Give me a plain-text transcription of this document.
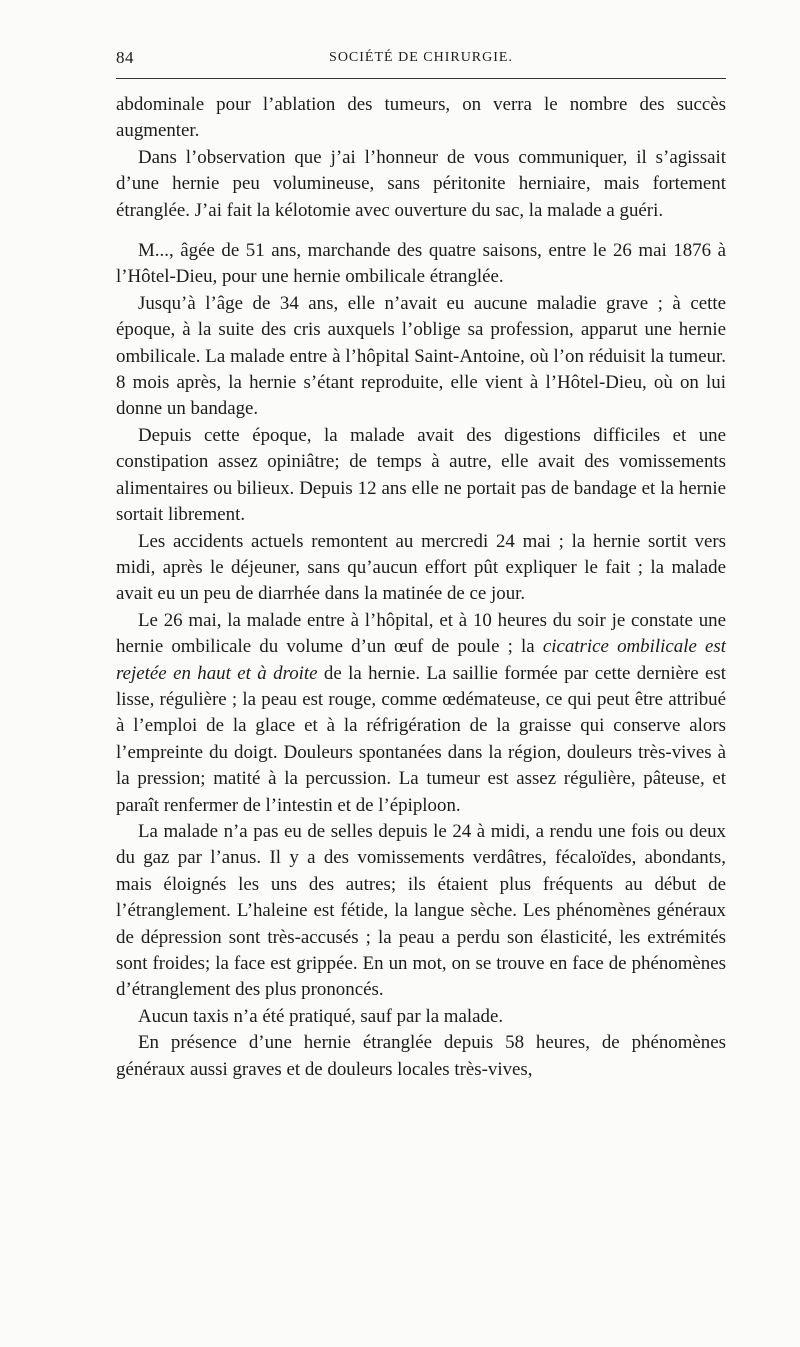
84	SOCIÉTÉ DE CHIRURGIE.

abdominale pour l’ablation des tumeurs, on verra le nombre des succès augmenter.

Dans l’observation que j’ai l’honneur de vous communiquer, il s’agissait d’une hernie peu volumineuse, sans péritonite herniaire, mais fortement étranglée. J’ai fait la kélotomie avec ouverture du sac, la malade a guéri.

M..., âgée de 51 ans, marchande des quatre saisons, entre le 26 mai 1876 à l’Hôtel-Dieu, pour une hernie ombilicale étranglée.

Jusqu’à l’âge de 34 ans, elle n’avait eu aucune maladie grave ; à cette époque, à la suite des cris auxquels l’oblige sa profession, apparut une hernie ombilicale. La malade entre à l’hôpital Saint-Antoine, où l’on réduisit la tumeur. 8 mois après, la hernie s’étant reproduite, elle vient à l’Hôtel-Dieu, où on lui donne un bandage.

Depuis cette époque, la malade avait des digestions difficiles et une constipation assez opiniâtre; de temps à autre, elle avait des vomissements alimentaires ou bilieux. Depuis 12 ans elle ne portait pas de bandage et la hernie sortait librement.

Les accidents actuels remontent au mercredi 24 mai ; la hernie sortit vers midi, après le déjeuner, sans qu’aucun effort pût expliquer le fait ; la malade avait eu un peu de diarrhée dans la matinée de ce jour.

Le 26 mai, la malade entre à l’hôpital, et à 10 heures du soir je constate une hernie ombilicale du volume d’un œuf de poule ; la cicatrice ombilicale est rejetée en haut et à droite de la hernie. La saillie formée par cette dernière est lisse, régulière ; la peau est rouge, comme œdémateuse, ce qui peut être attribué à l’emploi de la glace et à la réfrigération de la graisse qui conserve alors l’empreinte du doigt. Douleurs spontanées dans la région, douleurs très-vives à la pression; matité à la percussion. La tumeur est assez régulière, pâteuse, et paraît renfermer de l’intestin et de l’épiploon.

La malade n’a pas eu de selles depuis le 24 à midi, a rendu une fois ou deux du gaz par l’anus. Il y a des vomissements verdâtres, fécaloïdes, abondants, mais éloignés les uns des autres; ils étaient plus fréquents au début de l’étranglement. L’haleine est fétide, la langue sèche. Les phénomènes généraux de dépression sont très-accusés ; la peau a perdu son élasticité, les extrémités sont froides; la face est grippée. En un mot, on se trouve en face de phénomènes d’étranglement des plus prononcés.

Aucun taxis n’a été pratiqué, sauf par la malade.

En présence d’une hernie étranglée depuis 58 heures, de phénomènes généraux aussi graves et de douleurs locales très-vives,
